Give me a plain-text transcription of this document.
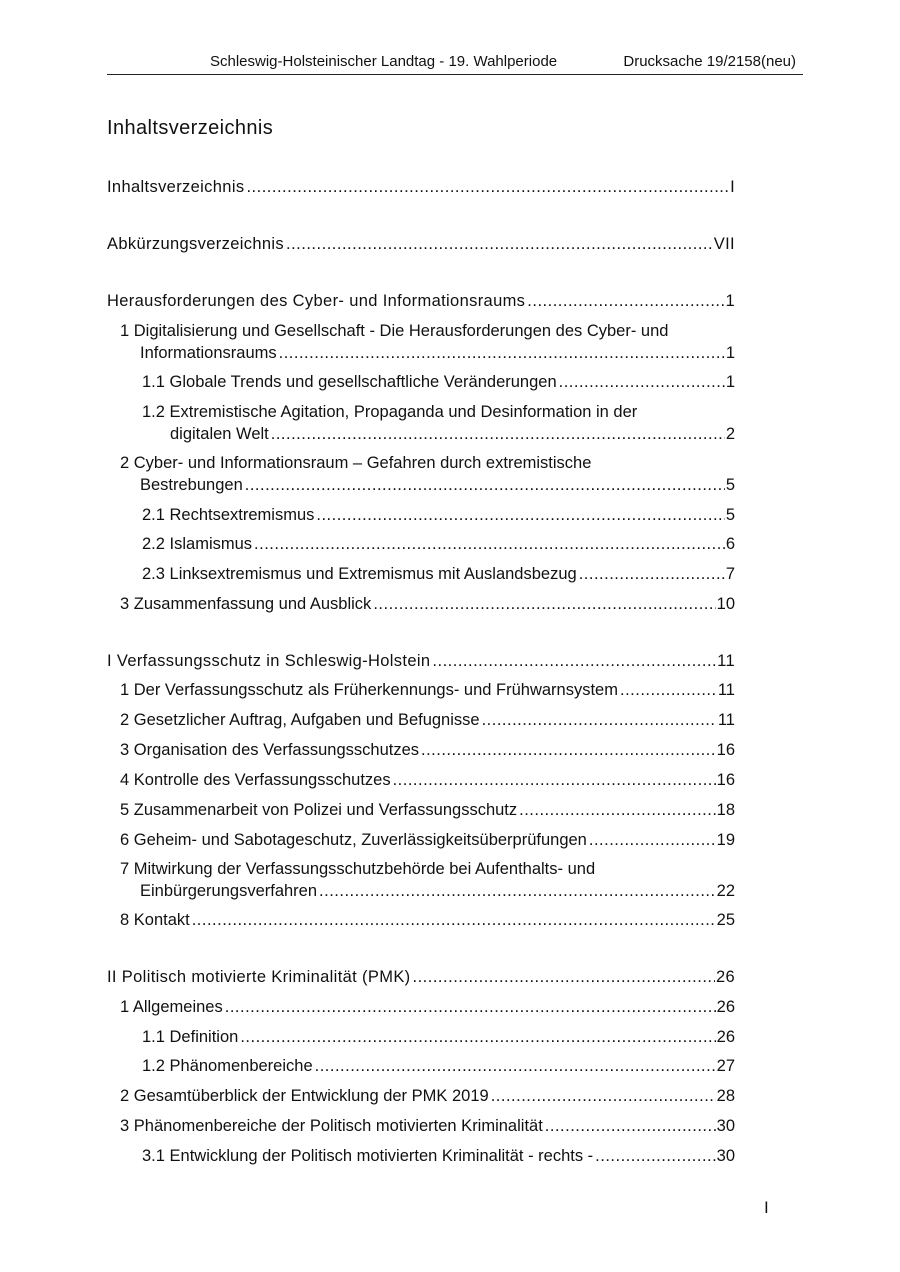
Schleswig-Holsteinischer Landtag - 19. Wahlperiode	Drucksache 19/2158(neu)
Inhaltsverzeichnis
Inhaltsverzeichnis .....	I
Abkürzungsverzeichnis .....	VII
Herausforderungen des Cyber- und Informationsraums .....	1
1 Digitalisierung und Gesellschaft - Die Herausforderungen des Cyber- und
Informationsraums .....	1
1.1 Globale Trends und gesellschaftliche Veränderungen .....	1
1.2 Extremistische Agitation, Propaganda und Desinformation in der
digitalen Welt .....	2
2 Cyber- und Informationsraum – Gefahren durch extremistische
Bestrebungen .....	5
2.1 Rechtsextremismus .....	5
2.2 Islamismus .....	6
2.3 Linksextremismus und Extremismus mit Auslandsbezug .....	7
3 Zusammenfassung und Ausblick .....	10
I Verfassungsschutz in Schleswig-Holstein .....	11
1 Der Verfassungsschutz als Früherkennungs- und Frühwarnsystem .....	11
2 Gesetzlicher Auftrag, Aufgaben und Befugnisse .....	11
3 Organisation des Verfassungsschutzes .....	16
4 Kontrolle des Verfassungsschutzes .....	16
5 Zusammenarbeit von Polizei und Verfassungsschutz .....	18
6 Geheim- und Sabotageschutz, Zuverlässigkeitsüberprüfungen .....	19
7 Mitwirkung der Verfassungsschutzbehörde bei Aufenthalts- und
Einbürgerungsverfahren .....	22
8 Kontakt .....	25
II Politisch motivierte Kriminalität (PMK) .....	26
1 Allgemeines .....	26
1.1 Definition .....	26
1.2 Phänomenbereiche .....	27
2 Gesamtüberblick der Entwicklung der PMK 2019 .....	28
3 Phänomenbereiche der Politisch motivierten Kriminalität .....	30
3.1 Entwicklung der Politisch motivierten Kriminalität - rechts - .....	30
I
